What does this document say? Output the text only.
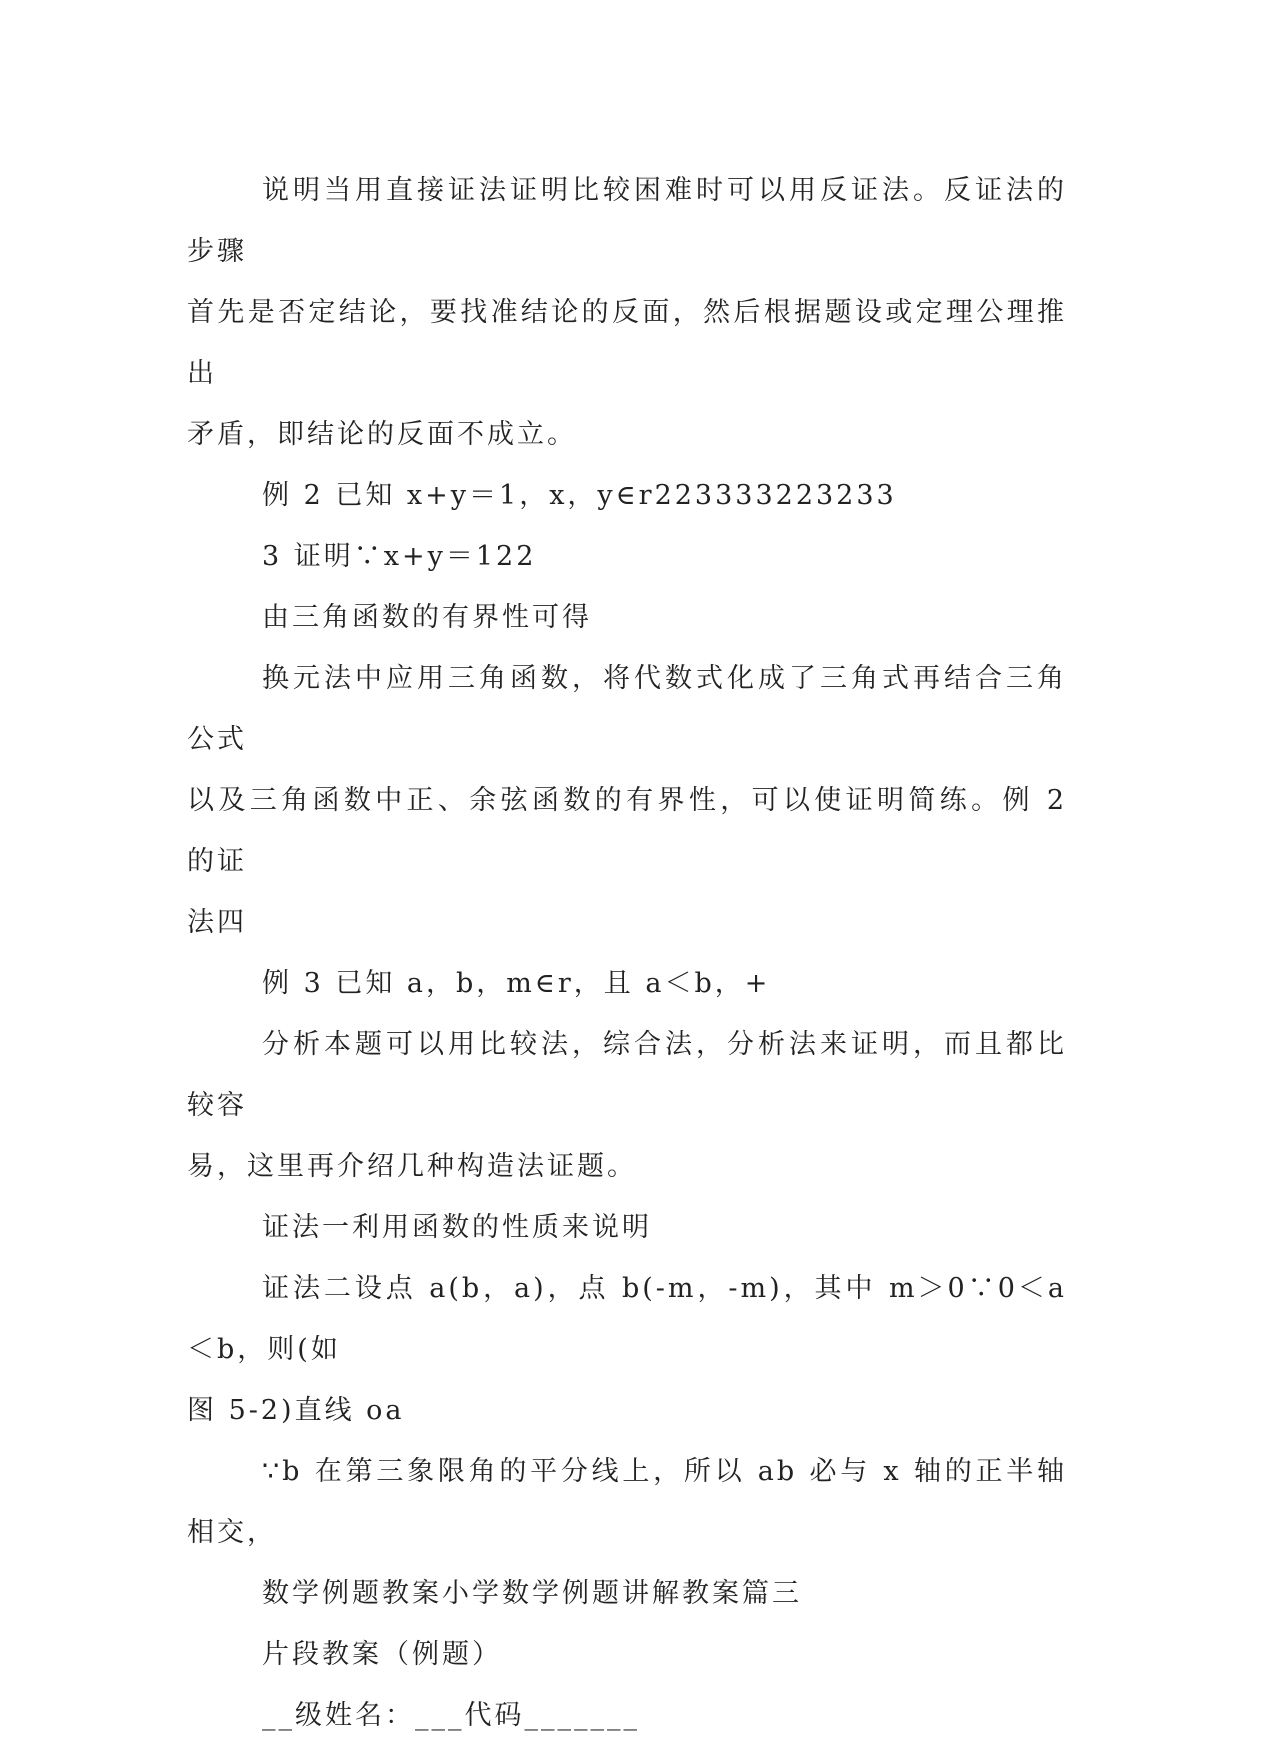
说明当用直接证法证明比较困难时可以用反证法。反证法的步骤
首先是否定结论，要找准结论的反面，然后根据题设或定理公理推出
矛盾，即结论的反面不成立。

例 2 已知 x+y＝1，x，y∈r223333223233

3 证明∵x+y＝122

由三角函数的有界性可得

换元法中应用三角函数，将代数式化成了三角式再结合三角公式
以及三角函数中正、余弦函数的有界性，可以使证明简练。例 2 的证
法四

例 3 已知 a，b，m∈r，且 a＜b，+

分析本题可以用比较法，综合法，分析法来证明，而且都比较容
易，这里再介绍几种构造法证题。

证法一利用函数的性质来说明

证法二设点 a(b，a)，点 b(-m，-m)，其中 m＞0∵0＜a＜b，则(如
图 5-2)直线 oa

∵b 在第三象限角的平分线上，所以 ab 必与 x 轴的正半轴相交，

数学例题教案小学数学例题讲解教案篇三

片段教案（例题）

__级姓名：___代码_______
